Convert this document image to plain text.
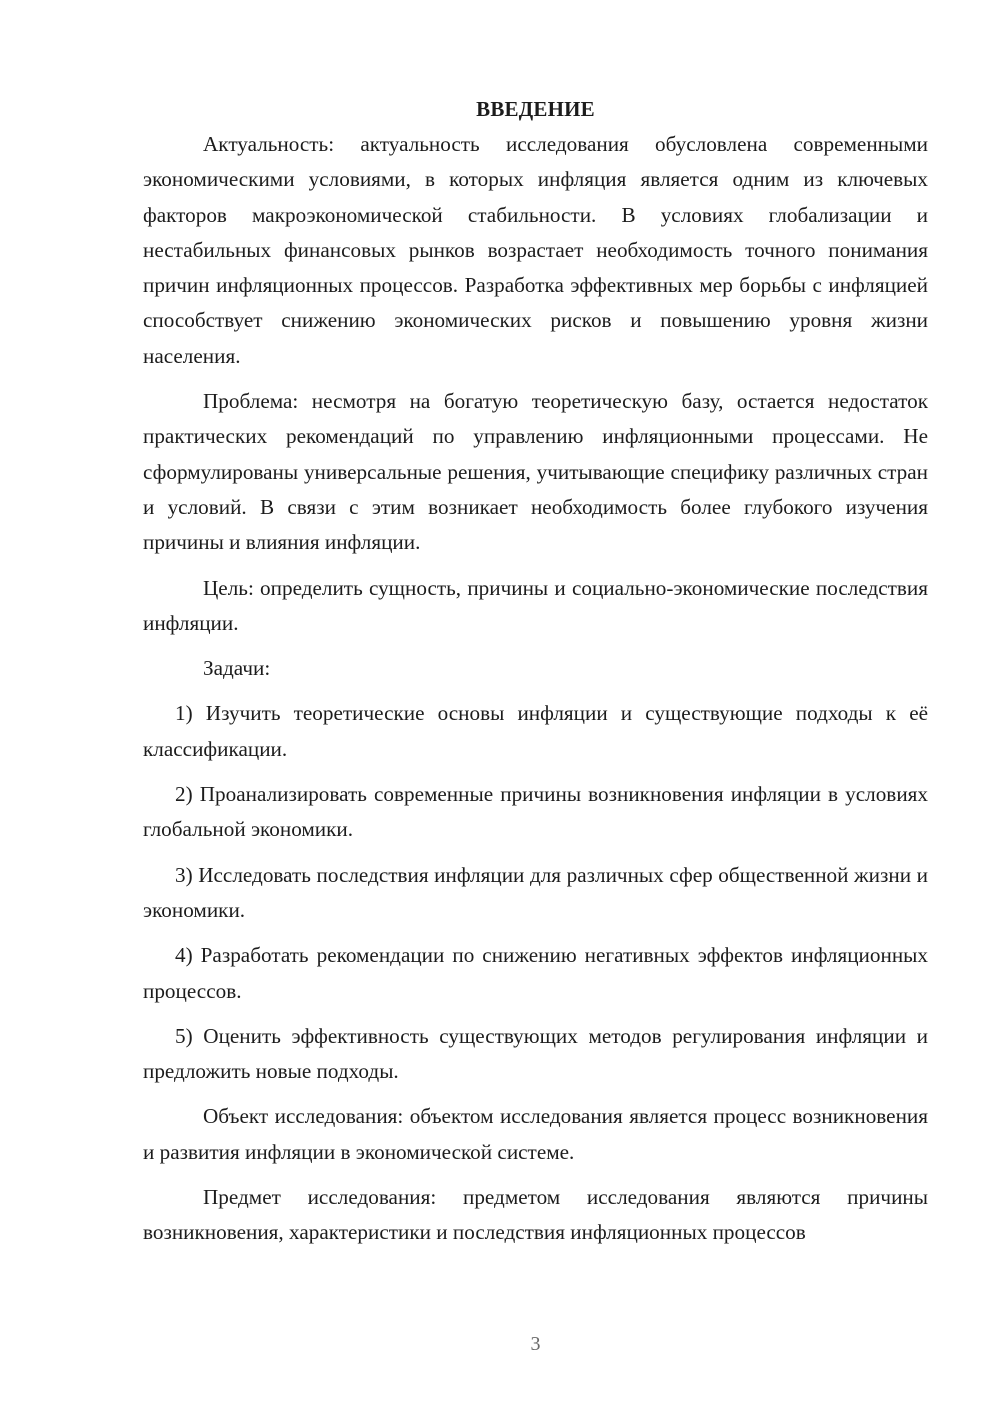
ВВЕДЕНИЕ

Актуальность: актуальность исследования обусловлена современными экономическими условиями, в которых инфляция является одним из ключевых факторов макроэкономической стабильности. В условиях глобализации и нестабильных финансовых рынков возрастает необходимость точного понимания причин инфляционных процессов. Разработка эффективных мер борьбы с инфляцией способствует снижению экономических рисков и повышению уровня жизни населения.

Проблема: несмотря на богатую теоретическую базу, остается недостаток практических рекомендаций по управлению инфляционными процессами. Не сформулированы универсальные решения, учитывающие специфику различных стран и условий. В связи с этим возникает необходимость более глубокого изучения причины и влияния инфляции.

Цель: определить сущность, причины и социально-экономические последствия инфляции.

Задачи:

1) Изучить теоретические основы инфляции и существующие подходы к её классификации.

2) Проанализировать современные причины возникновения инфляции в условиях глобальной экономики.

3) Исследовать последствия инфляции для различных сфер общественной жизни и экономики.

4) Разработать рекомендации по снижению негативных эффектов инфляционных процессов.

5) Оценить эффективность существующих методов регулирования инфляции и предложить новые подходы.

Объект исследования: объектом исследования является процесс возникновения и развития инфляции в экономической системе.

Предмет исследования: предметом исследования являются причины возникновения, характеристики и последствия инфляционных процессов

3
